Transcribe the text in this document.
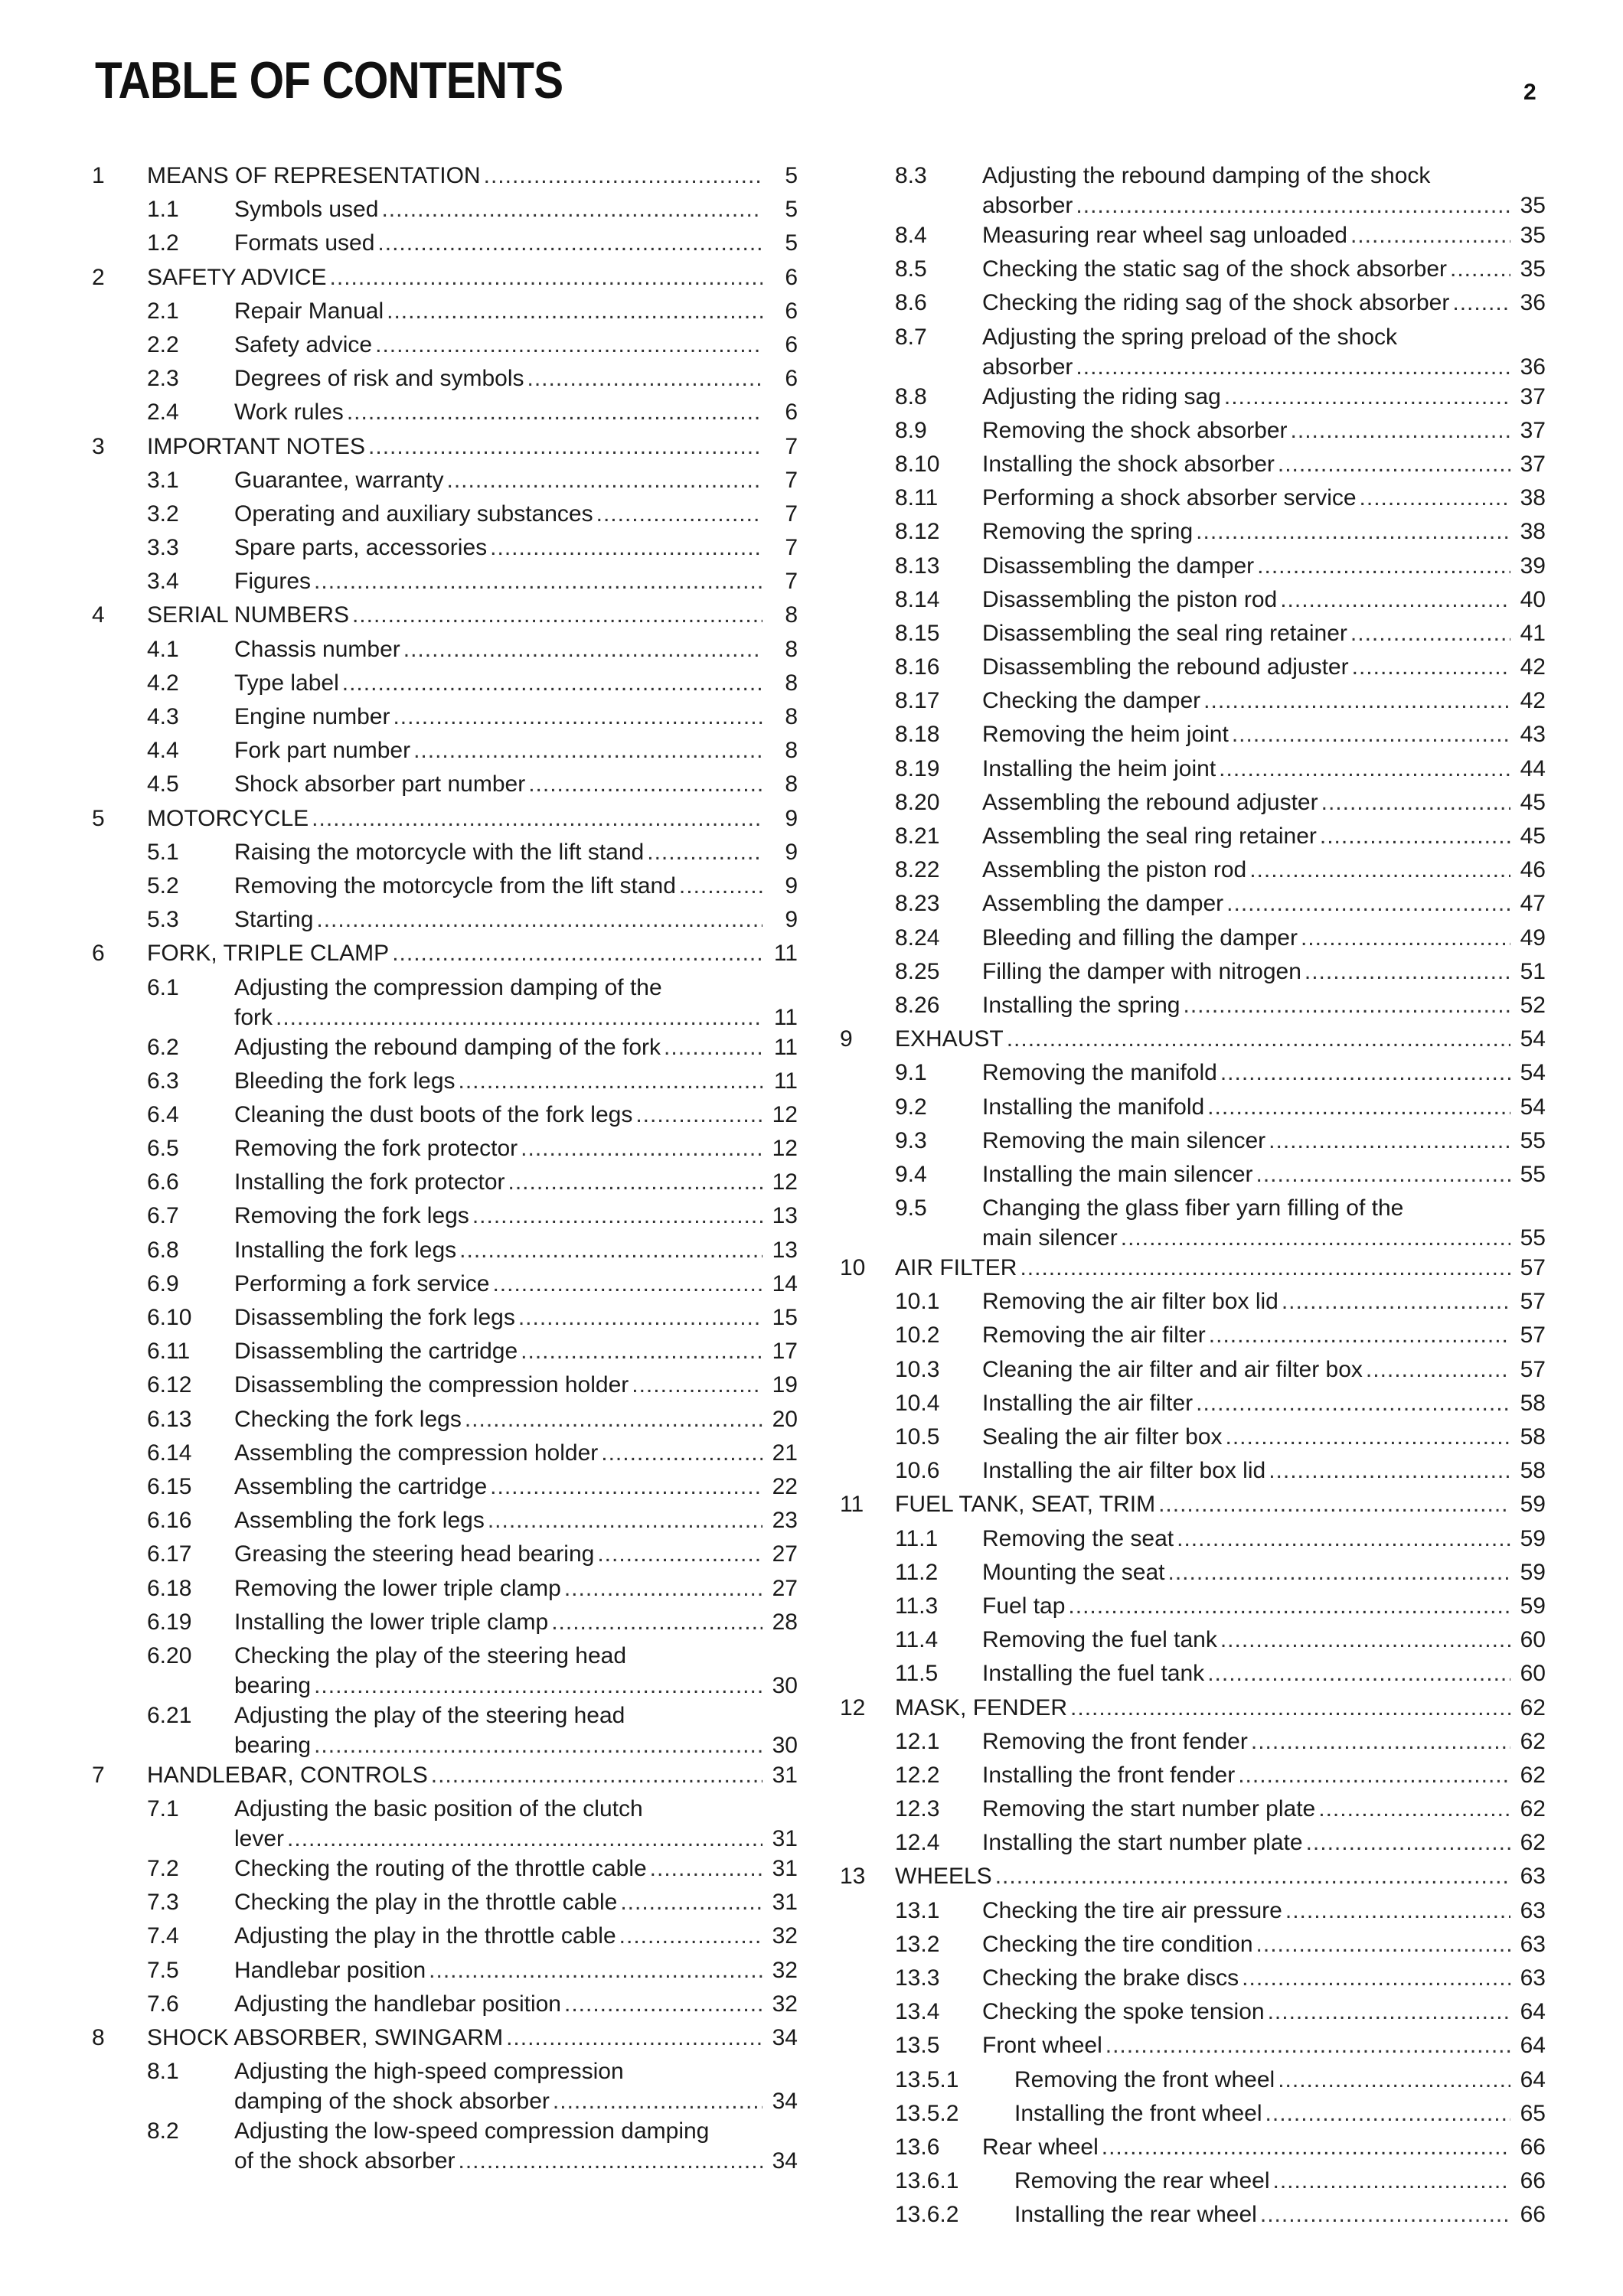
TABLE OF CONTENTS	2
1 MEANS OF REPRESENTATION .....	5
1.1 Symbols used .....	5
1.2 Formats used .....	5
2 SAFETY ADVICE .....	6
2.1 Repair Manual .....	6
2.2 Safety advice .....	6
2.3 Degrees of risk and symbols .....	6
2.4 Work rules .....	6
3 IMPORTANT NOTES .....	7
3.1 Guarantee, warranty .....	7
3.2 Operating and auxiliary substances .....	7
3.3 Spare parts, accessories .....	7
3.4 Figures .....	7
4 SERIAL NUMBERS .....	8
4.1 Chassis number .....	8
4.2 Type label .....	8
4.3 Engine number .....	8
4.4 Fork part number .....	8
4.5 Shock absorber part number .....	8
5 MOTORCYCLE .....	9
5.1 Raising the motorcycle with the lift stand .....	9
5.2 Removing the motorcycle from the lift stand .....	9
5.3 Starting .....	9
6 FORK, TRIPLE CLAMP .....	11
6.1 Adjusting the compression damping of the
fork .....	11
6.2 Adjusting the rebound damping of the fork .....	11
6.3 Bleeding the fork legs .....	11
6.4 Cleaning the dust boots of the fork legs .....	12
6.5 Removing the fork protector .....	12
6.6 Installing the fork protector .....	12
6.7 Removing the fork legs .....	13
6.8 Installing the fork legs .....	13
6.9 Performing a fork service .....	14
6.10 Disassembling the fork legs .....	15
6.11 Disassembling the cartridge .....	17
6.12 Disassembling the compression holder .....	19
6.13 Checking the fork legs .....	20
6.14 Assembling the compression holder .....	21
6.15 Assembling the cartridge .....	22
6.16 Assembling the fork legs .....	23
6.17 Greasing the steering head bearing .....	27
6.18 Removing the lower triple clamp .....	27
6.19 Installing the lower triple clamp .....	28
6.20 Checking the play of the steering head
bearing .....	30
6.21 Adjusting the play of the steering head
bearing .....	30
7 HANDLEBAR, CONTROLS .....	31
7.1 Adjusting the basic position of the clutch
lever .....	31
7.2 Checking the routing of the throttle cable .....	31
7.3 Checking the play in the throttle cable .....	31
7.4 Adjusting the play in the throttle cable .....	32
7.5 Handlebar position .....	32
7.6 Adjusting the handlebar position .....	32
8 SHOCK ABSORBER, SWINGARM .....	34
8.1 Adjusting the high-speed compression
damping of the shock absorber .....	34
8.2 Adjusting the low-speed compression damping
of the shock absorber .....	34
8.3 Adjusting the rebound damping of the shock
absorber .....	35
8.4 Measuring rear wheel sag unloaded .....	35
8.5 Checking the static sag of the shock absorber .....	35
8.6 Checking the riding sag of the shock absorber .....	36
8.7 Adjusting the spring preload of the shock
absorber .....	36
8.8 Adjusting the riding sag .....	37
8.9 Removing the shock absorber .....	37
8.10 Installing the shock absorber .....	37
8.11 Performing a shock absorber service .....	38
8.12 Removing the spring .....	38
8.13 Disassembling the damper .....	39
8.14 Disassembling the piston rod .....	40
8.15 Disassembling the seal ring retainer .....	41
8.16 Disassembling the rebound adjuster .....	42
8.17 Checking the damper .....	42
8.18 Removing the heim joint .....	43
8.19 Installing the heim joint .....	44
8.20 Assembling the rebound adjuster .....	45
8.21 Assembling the seal ring retainer .....	45
8.22 Assembling the piston rod .....	46
8.23 Assembling the damper .....	47
8.24 Bleeding and filling the damper .....	49
8.25 Filling the damper with nitrogen .....	51
8.26 Installing the spring .....	52
9 EXHAUST .....	54
9.1 Removing the manifold .....	54
9.2 Installing the manifold .....	54
9.3 Removing the main silencer .....	55
9.4 Installing the main silencer .....	55
9.5 Changing the glass fiber yarn filling of the
main silencer .....	55
10 AIR FILTER .....	57
10.1 Removing the air filter box lid .....	57
10.2 Removing the air filter .....	57
10.3 Cleaning the air filter and air filter box .....	57
10.4 Installing the air filter .....	58
10.5 Sealing the air filter box .....	58
10.6 Installing the air filter box lid .....	58
11 FUEL TANK, SEAT, TRIM .....	59
11.1 Removing the seat .....	59
11.2 Mounting the seat .....	59
11.3 Fuel tap .....	59
11.4 Removing the fuel tank .....	60
11.5 Installing the fuel tank .....	60
12 MASK, FENDER .....	62
12.1 Removing the front fender .....	62
12.2 Installing the front fender .....	62
12.3 Removing the start number plate .....	62
12.4 Installing the start number plate .....	62
13 WHEELS .....	63
13.1 Checking the tire air pressure .....	63
13.2 Checking the tire condition .....	63
13.3 Checking the brake discs .....	63
13.4 Checking the spoke tension .....	64
13.5 Front wheel .....	64
13.5.1 Removing the front wheel .....	64
13.5.2 Installing the front wheel .....	65
13.6 Rear wheel .....	66
13.6.1 Removing the rear wheel .....	66
13.6.2 Installing the rear wheel .....	66
